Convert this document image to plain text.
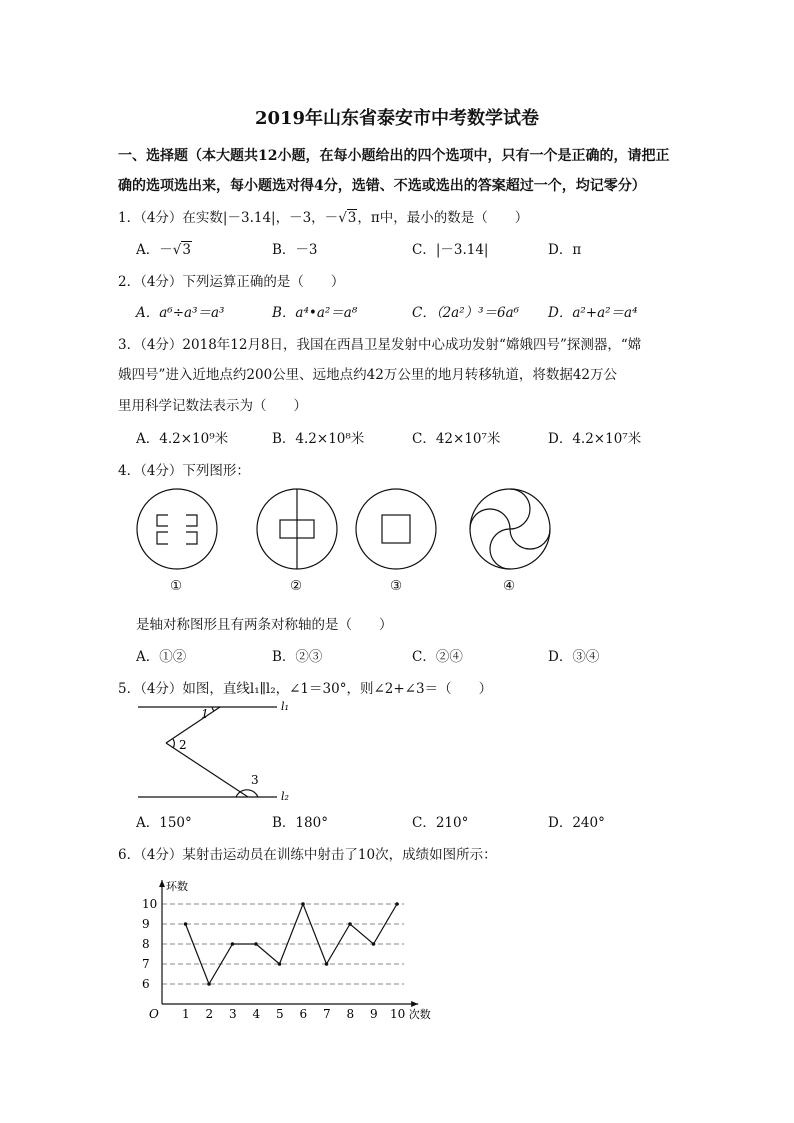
2019年山东省泰安市中考数学试卷
一、选择题（本大题共12小题，在每小题给出的四个选项中，只有一个是正确的，请把正
确的选项选出来，每小题选对得4分，选错、不选或选出的答案超过一个，均记零分）
1．（4分）在实数|－3.14|，－3，－√3，π中，最小的数是（　　）
A．－√3	B．－3	C．|－3.14|	D．π
2．（4分）下列运算正确的是（　　）
A．a⁶÷a³＝a³	B．a⁴•a²＝a⁸	C．（2a²）³＝6a⁶ D．a²+a²＝a⁴
3．（4分）2018年12月8日，我国在西昌卫星发射中心成功发射“嫦娥四号”探测器，“嫦
娥四号”进入近地点约200公里、远地点约42万公里的地月转移轨道，将数据42万公
里用科学记数法表示为（　　）
A．4.2×10⁹米	B．4.2×10⁸米	C．42×10⁷米	D．4.2×10⁷米
4．（4分）下列图形：
①	②	③	④
是轴对称图形且有两条对称轴的是（　　）
A．①②	B．②③	C．②④	D．③④
5．（4分）如图，直线l₁∥l₂，∠1＝30°，则∠2+∠3＝（　　）
1
2
3
l₁
l₂
A．150°	B．180°	C．210°	D．240°
6．（4分）某射击运动员在训练中射击了10次，成绩如图所示：
O
环数
次数
6
7
8
9
10
1 2 3 4 5 6 7 8 9 10
